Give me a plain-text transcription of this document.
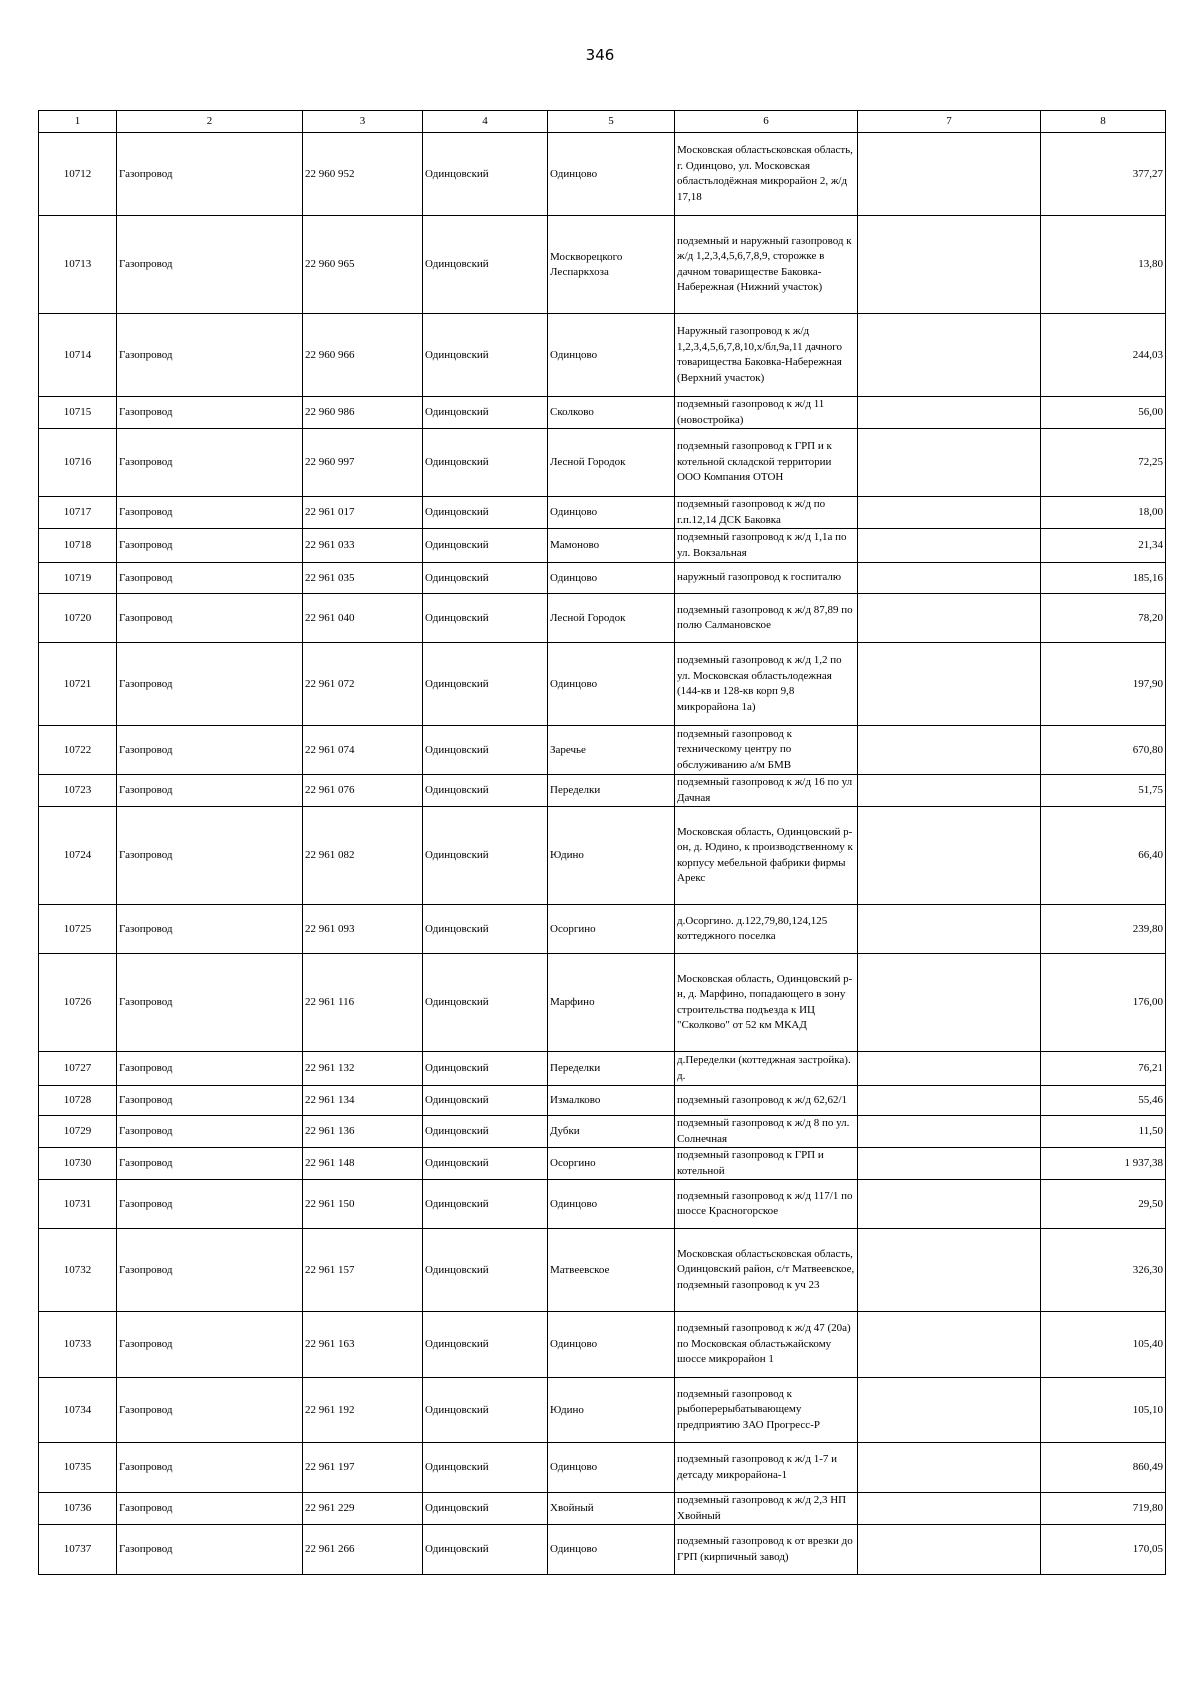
346
1	2	3	4	5	6	7	8
10712	Газопровод	22 960 952	Одинцовский	Одинцово	Московская областьсковская область, г. Одинцово, ул. Московская областьлодёжная микрорайон 2, ж/д 17,18		377,27
10713	Газопровод	22 960 965	Одинцовский	Москворецкого Леспаркхоза	подземный и наружный газопровод к ж/д 1,2,3,4,5,6,7,8,9, сторожке в дачном товариществе Баковка-Набережная (Нижний участок)		13,80
10714	Газопровод	22 960 966	Одинцовский	Одинцово	Наружный газопровод к ж/д 1,2,3,4,5,6,7,8,10,х/бл,9а,11 дачного товарищества Баковка-Набережная (Верхний участок)		244,03
10715	Газопровод	22 960 986	Одинцовский	Сколково	подземный газопровод к ж/д 11 (новостройка)		56,00
10716	Газопровод	22 960 997	Одинцовский	Лесной Городок	подземный газопровод к ГРП и к котельной складской территории ООО Компания ОТОН		72,25
10717	Газопровод	22 961 017	Одинцовский	Одинцово	подземный газопровод к ж/д по г.п.12,14 ДСК Баковка		18,00
10718	Газопровод	22 961 033	Одинцовский	Мамоново	подземный газопровод к ж/д 1,1а по ул. Вокзальная		21,34
10719	Газопровод	22 961 035	Одинцовский	Одинцово	наружный газопровод к госпиталю		185,16
10720	Газопровод	22 961 040	Одинцовский	Лесной Городок	подземный газопровод к ж/д 87,89 по полю Салмановское		78,20
10721	Газопровод	22 961 072	Одинцовский	Одинцово	подземный газопровод к ж/д 1,2 по ул. Московская областьлодежная (144-кв и 128-кв корп 9,8 микрорайона 1а)		197,90
10722	Газопровод	22 961 074	Одинцовский	Заречье	подземный газопровод к техническому центру по обслуживанию а/м БМВ		670,80
10723	Газопровод	22 961 076	Одинцовский	Переделки	подземный газопровод к ж/д 16 по ул Дачная		51,75
10724	Газопровод	22 961 082	Одинцовский	Юдино	Московская область, Одинцовский р-он, д. Юдино, к производственному к корпусу мебельной фабрики фирмы Арекс		66,40
10725	Газопровод	22 961 093	Одинцовский	Осоргино	д.Осоргино. д.122,79,80,124,125 коттеджного поселка		239,80
10726	Газопровод	22 961 116	Одинцовский	Марфино	Московская область, Одинцовский р-н, д. Марфино, попадающего в зону строительства подъезда к ИЦ "Сколково" от 52 км МКАД		176,00
10727	Газопровод	22 961 132	Одинцовский	Переделки	д.Переделки (коттеджная застройка). д.		76,21
10728	Газопровод	22 961 134	Одинцовский	Измалково	подземный газопровод к ж/д 62,62/1		55,46
10729	Газопровод	22 961 136	Одинцовский	Дубки	подземный газопровод к ж/д 8 по ул. Солнечная		11,50
10730	Газопровод	22 961 148	Одинцовский	Осоргино	подземный газопровод к ГРП и котельной		1 937,38
10731	Газопровод	22 961 150	Одинцовский	Одинцово	подземный газопровод к ж/д 117/1 по шоссе Красногорское		29,50
10732	Газопровод	22 961 157	Одинцовский	Матвеевское	Московская областьсковская область, Одинцовский район, с/т Матвеевское, подземный газопровод к уч 23		326,30
10733	Газопровод	22 961 163	Одинцовский	Одинцово	подземный газопровод к ж/д 47 (20а) по Московская областьжайскому шоссе микрорайон 1		105,40
10734	Газопровод	22 961 192	Одинцовский	Юдино	подземный газопровод к рыбоперерыбатывающему предприятию ЗАО Прогресс-Р		105,10
10735	Газопровод	22 961 197	Одинцовский	Одинцово	подземный газопровод к ж/д 1-7 и детсаду микрорайона-1		860,49
10736	Газопровод	22 961 229	Одинцовский	Хвойный	подземный газопровод к ж/д 2,3 НП Хвойный		719,80
10737	Газопровод	22 961 266	Одинцовский	Одинцово	подземный газопровод к от врезки до ГРП (кирпичный завод)		170,05
